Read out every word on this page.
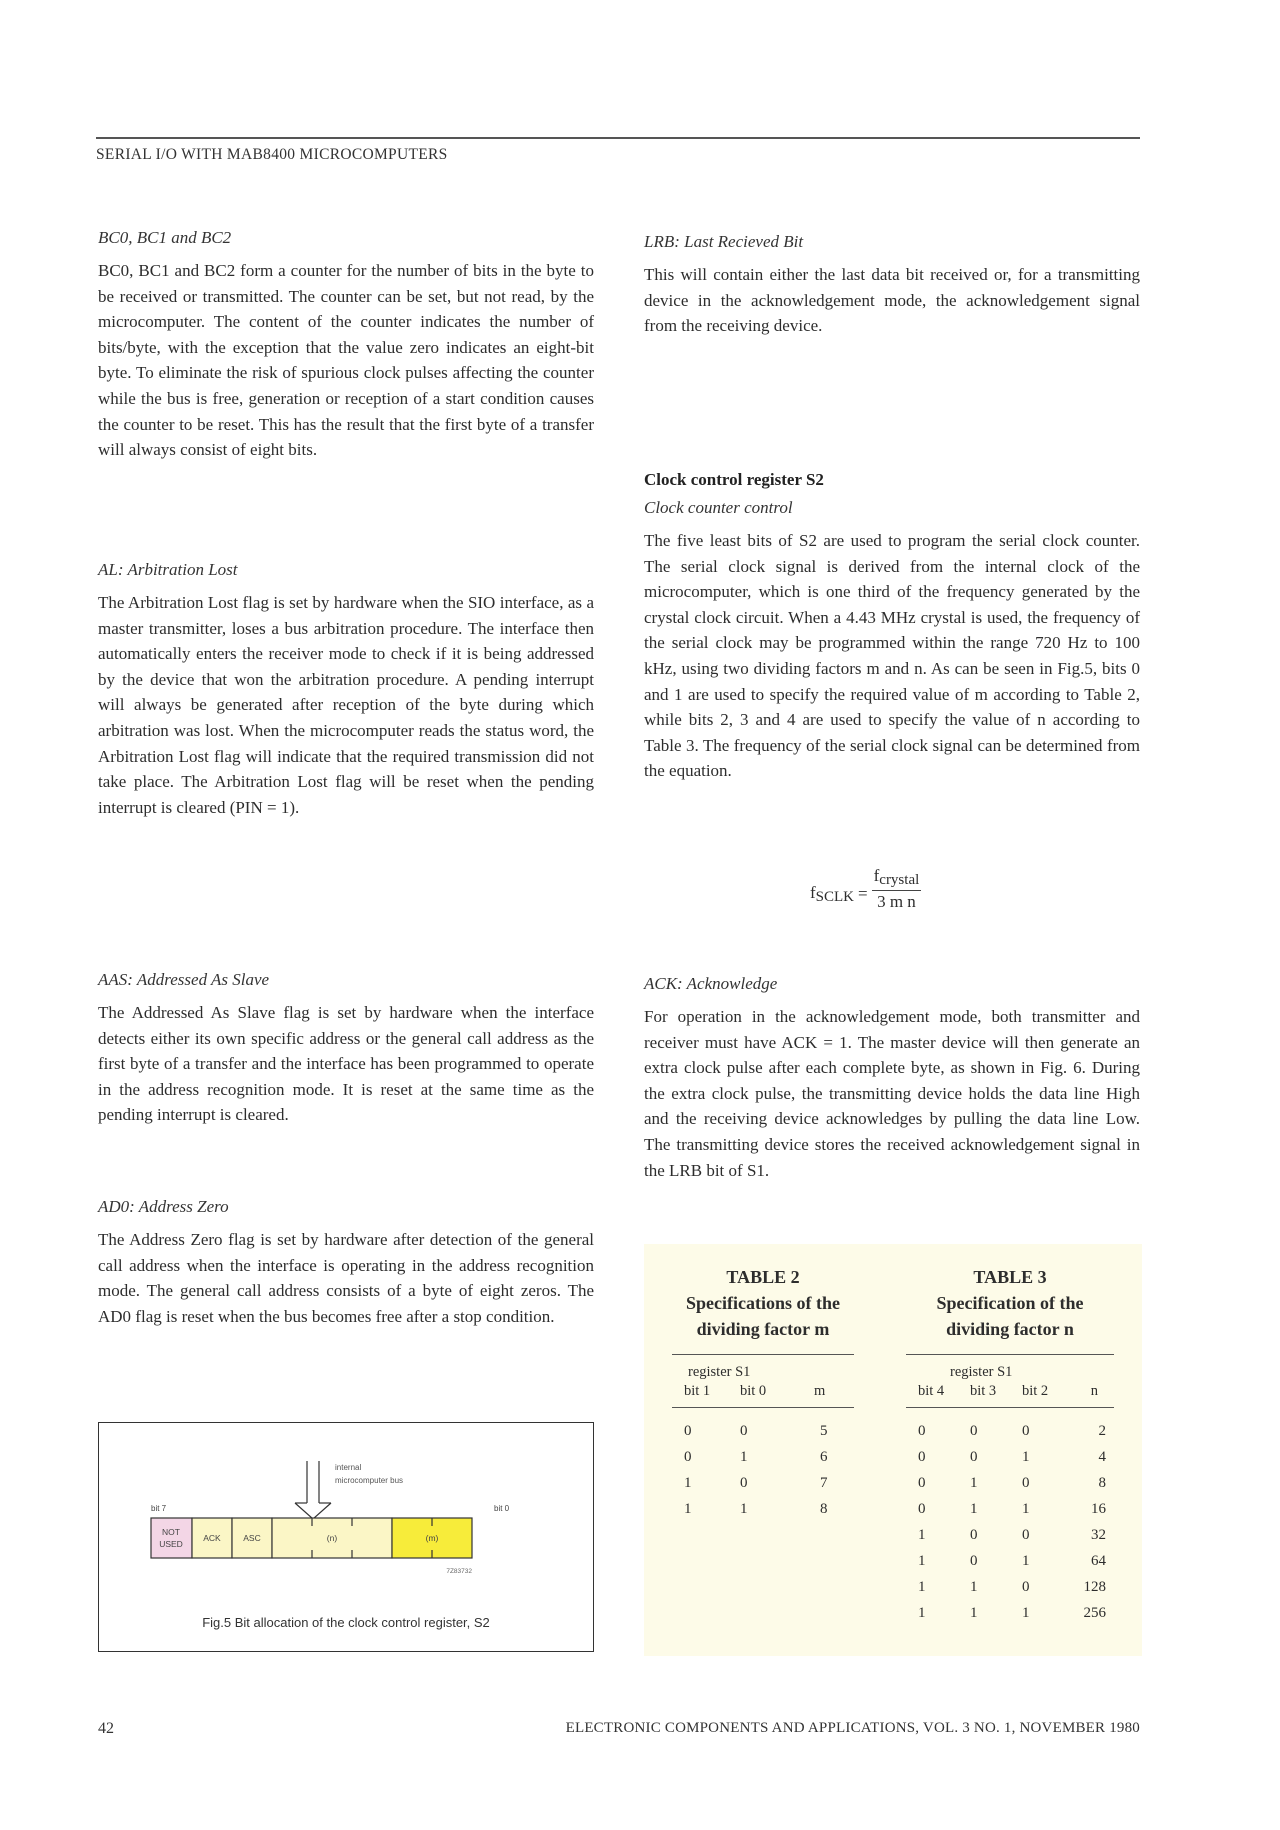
SERIAL I/O WITH MAB8400 MICROCOMPUTERS
BC0, BC1 and BC2

BC0, BC1 and BC2 form a counter for the number of bits in the byte to be received or transmitted. The counter can be set, but not read, by the microcomputer. The content of the counter indicates the number of bits/byte, with the exception that the value zero indicates an eight-bit byte. To eliminate the risk of spurious clock pulses affecting the counter while the bus is free, generation or reception of a start condition causes the counter to be reset. This has the result that the first byte of a transfer will always consist of eight bits.

AL: Arbitration Lost

The Arbitration Lost flag is set by hardware when the SIO interface, as a master transmitter, loses a bus arbitration procedure. The interface then automatically enters the receiver mode to check if it is being addressed by the device that won the arbitration procedure. A pending interrupt will always be generated after reception of the byte during which arbitration was lost. When the microcomputer reads the status word, the Arbitration Lost flag will indicate that the required transmission did not take place. The Arbitration Lost flag will be reset when the pending interrupt is cleared (PIN = 1).

AAS: Addressed As Slave

The Addressed As Slave flag is set by hardware when the interface detects either its own specific address or the general call address as the first byte of a transfer and the interface has been programmed to operate in the address recognition mode. It is reset at the same time as the pending interrupt is cleared.

AD0: Address Zero

The Address Zero flag is set by hardware after detection of the general call address when the interface is operating in the address recognition mode. The general call address consists of a byte of eight zeros. The AD0 flag is reset when the bus becomes free after a stop condition.

internal
microcomputer bus
bit 7	bit 0
NOT
USED
ACK	ASC	(n)	(m)
7Z83732
Fig.5 Bit allocation of the clock control register, S2
LRB: Last Recieved Bit

This will contain either the last data bit received or, for a transmitting device in the acknowledgement mode, the acknowledgement signal from the receiving device.

Clock control register S2
Clock counter control

The five least bits of S2 are used to program the serial clock counter. The serial clock signal is derived from the internal clock of the microcomputer, which is one third of the frequency generated by the crystal clock circuit. When a 4.43 MHz crystal is used, the frequency of the serial clock may be programmed within the range 720 Hz to 100 kHz, using two dividing factors m and n. As can be seen in Fig.5, bits 0 and 1 are used to specify the required value of m according to Table 2, while bits 2, 3 and 4 are used to specify the value of n according to Table 3. The frequency of the serial clock signal can be determined from the equation.

fSCLK = $\frac{\text{fcrystal}}{\text{3 m n}}$
ACK: Acknowledge

For operation in the acknowledgement mode, both transmitter and receiver must have ACK = 1. The master device will then generate an extra clock pulse after each complete byte, as shown in Fig. 6. During the extra clock pulse, the transmitting device holds the data line High and the receiving device acknowledges by pulling the data line Low. The transmitting device stores the received acknowledgement signal in the LRB bit of S1.

TABLE 2
Specifications of the
dividing factor m
register S1
bit 1	bit 0	m
0	0	5
0	1	6
1	0	7
1	1	8
TABLE 3
Specification of the
dividing factor n
register S1
bit 4	bit 3	bit 2	n
0	0	0	2
0	0	1	4
0	1	0	8
0	1	1	16
1	0	0	32
1	0	1	64
1	1	0	128
1	1	1	256
42	ELECTRONIC COMPONENTS AND APPLICATIONS, VOL. 3 NO. 1, NOVEMBER 1980
